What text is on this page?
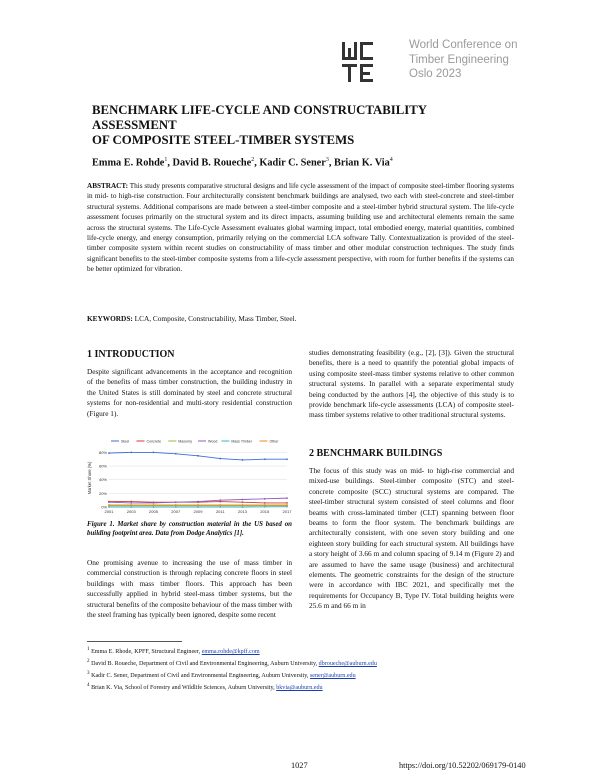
WCTE
World Conference on
Timber Engineering
Oslo 2023
BENCHMARK LIFE-CYCLE AND CONSTRUCTABILITY ASSESSMENT
OF COMPOSITE STEEL-TIMBER SYSTEMS
Emma E. Rohde$^1$, David B. Roueche$^2$, Kadir C. Sener$^3$, Brian K. Via$^4$
ABSTRACT: This study presents comparative structural designs and life cycle assessment of the impact of composite steel-timber flooring systems in mid- to high-rise construction. Four architecturally consistent benchmark buildings are analysed, two each with steel-concrete and steel-timber structural systems. Additional comparisons are made between a steel-timber composite and a steel-timber hybrid structural system. The life-cycle assessment focuses primarily on the structural system and its direct impacts, assuming building use and architectural elements remain the same across the structural systems. The Life-Cycle Assessment evaluates global warming impact, total embodied energy, material quantities, combined life-cycle energy, and energy consumption, primarily relying on the commercial LCA software Tally. Contextualization is provided of the steel-timber composite system within recent studies on constructability of mass timber and other modular construction techniques. The study finds significant benefits to the steel-timber composite systems from a life-cycle assessment perspective, with room for further benefits if the systems can be better optimized for vibration.
KEYWORDS: LCA, Composite, Constructability, Mass Timber, Steel.
1 INTRODUCTION
Despite significant advancements in the acceptance and recognition of the benefits of mass timber construction, the building industry in the United States is still dominated by steel and concrete structural systems for non-residential and multi-story residential construction (Figure 1).
0%
20%
40%
60%
80%
2001	2003	2005	2007	2009	2011	2013	2015	2017
Market Share (%)
Steel	Concrete	Masonry	Wood	Mass Timber	Other
Figure 1. Market share by construction material in the US based on building footprint area. Data from Dodge Analytics [1].
One promising avenue to increasing the use of mass timber in commercial construction is through replacing concrete floors in steel buildings with mass timber floors. This approach has been successfully applied in hybrid steel-mass timber systems, but the structural benefits of the composite behaviour of the mass timber with the steel framing has typically been ignored, despite some recent
studies demonstrating feasibility (e.g., [2], [3]). Given the structural benefits, there is a need to quantify the potential global impacts of using composite steel-mass timber systems relative to other common structural systems. In parallel with a separate experimental study being conducted by the authors [4], the objective of this study is to provide benchmark life-cycle assessments (LCA) of composite steel-mass timber systems relative to other traditional structural systems.
2 BENCHMARK BUILDINGS
The focus of this study was on mid- to high-rise commercial and mixed-use buildings. Steel-timber composite (STC) and steel-concrete composite (SCC) structural systems are compared. The steel-timber structural system consisted of steel columns and floor beams with cross-laminated timber (CLT) spanning between floor beams to form the floor system. The benchmark buildings are architecturally consistent, with one seven story building and one eighteen story building for each structural system. All buildings have a story height of 3.66 m and column spacing of 9.14 m (Figure 2) and are assumed to have the same usage (business) and architectural elements. The geometric constraints for the design of the structure were in accordance with IBC 2021, and specifically met the requirements for Occupancy B, Type IV. Total building heights were 25.6 m and 66 m in
$^1$ Emma E. Rhode, KPFF, Structural Engineer, emma.rohde@kpff.com
$^2$ David B. Roueche, Department of Civil and Environmental Engineering, Auburn University, dbroueche@auburn.edu
$^3$ Kadir C. Sener, Department of Civil and Environmental Engineering, Auburn University, sener@auburn.edu
$^4$ Brian K. Via, School of Forestry and Wildlife Sciences, Auburn University, bkvia@auburn.edu
1027	https://doi.org/10.52202/069179-0140
